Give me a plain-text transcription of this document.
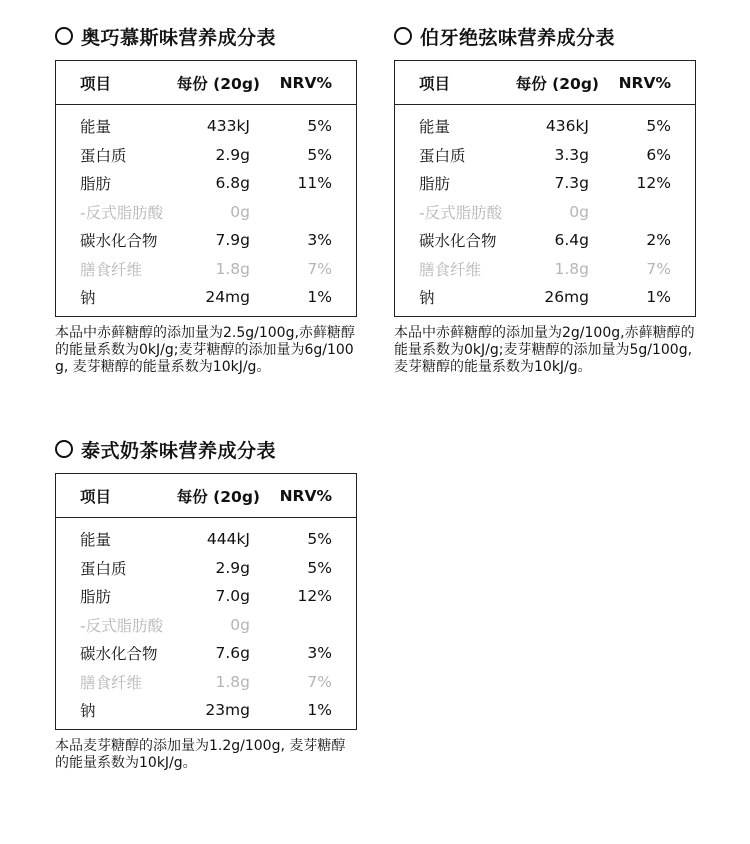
奥巧慕斯味营养成分表
项目	每份 (20g)	NRV%
能量	433kJ	5%
蛋白质	2.9g	5%
脂肪	6.8g	11%
-反式脂肪酸	0g
碳水化合物	7.9g	3%
膳食纤维	1.8g	7%
钠	24mg	1%
本品中赤藓糖醇的添加量为2.5g/100g,赤藓糖醇的能量系数为0kJ/g;麦芽糖醇的添加量为6g/100g, 麦芽糖醇的能量系数为10kJ/g。
伯牙绝弦味营养成分表
项目	每份 (20g)	NRV%
能量	436kJ	5%
蛋白质	3.3g	6%
脂肪	7.3g	12%
-反式脂肪酸	0g
碳水化合物	6.4g	2%
膳食纤维	1.8g	7%
钠	26mg	1%
本品中赤藓糖醇的添加量为2g/100g,赤藓糖醇的能量系数为0kJ/g;麦芽糖醇的添加量为5g/100g, 麦芽糖醇的能量系数为10kJ/g。
泰式奶茶味营养成分表
项目	每份 (20g)	NRV%
能量	444kJ	5%
蛋白质	2.9g	5%
脂肪	7.0g	12%
-反式脂肪酸	0g
碳水化合物	7.6g	3%
膳食纤维	1.8g	7%
钠	23mg	1%
本品麦芽糖醇的添加量为1.2g/100g, 麦芽糖醇的能量系数为10kJ/g。
